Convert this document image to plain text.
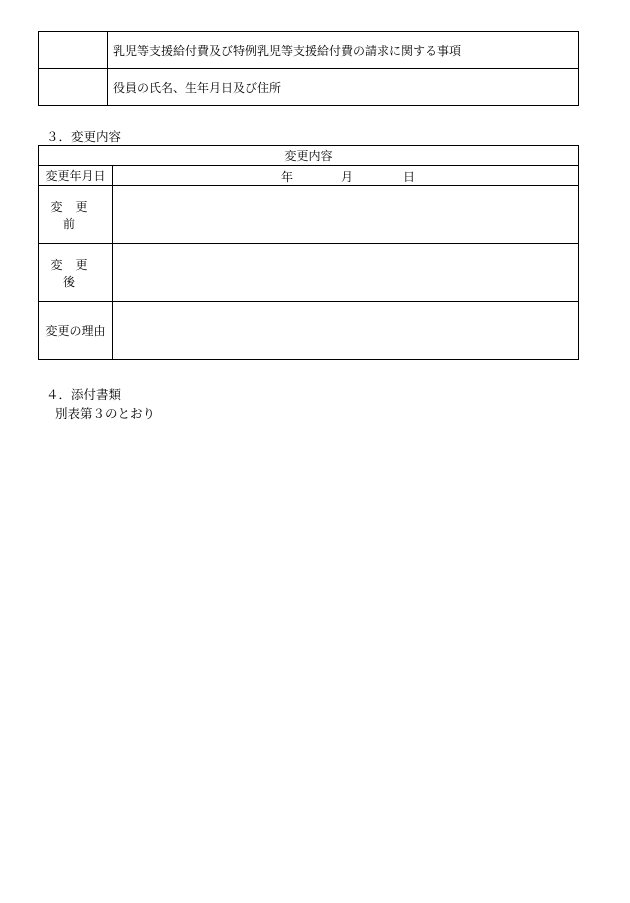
	乳児等支援給付費及び特例乳児等支援給付費の請求に関する事項
	役員の氏名、生年月日及び住所
３．変更内容
変更内容	
変更年月日	年 月 日

変更前	
変更後	
変更の理由	
４．添付書類
別表第３のとおり
